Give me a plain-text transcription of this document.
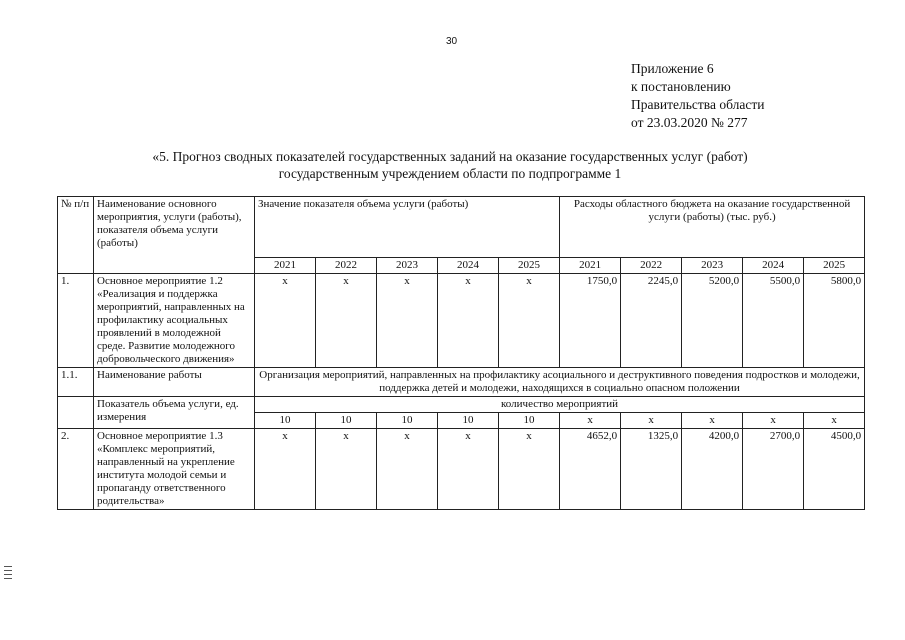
30
Приложение 6
к постановлению
Правительства области
от 23.03.2020 № 277
«5. Прогноз сводных показателей государственных заданий на оказание государственных услуг (работ)
государственным учреждением области по подпрограмме 1
№ п/п	Наименование основного мероприятия, услуги (работы), показателя объема услуги (работы)	Значение показателя объема услуги (работы)					Расходы областного бюджета на оказание государственной услуги (работы) (тыс. руб.)				
		2021	2022	2023	2024	2025	2021	2022	2023	2024	2025
1.	Основное мероприятие 1.2 «Реализация и поддержка мероприятий, направленных на профилактику асоциальных проявлений в молодежной среде. Развитие молодежного добровольческого движения»	х	х	х	х	х	1750,0	2245,0	5200,0	5500,0	5800,0
1.1.	Наименование работы	Организация мероприятий, направленных на профилактику асоциального и деструктивного поведения подростков и молодежи, поддержка детей и молодежи, находящихся в социально опасном положении									
	Показатель объема услуги, ед. измерения	количество мероприятий									
		10	10	10	10	10	х	х	х	х	х
2.	Основное мероприятие 1.3 «Комплекс мероприятий, направленный на укрепление института молодой семьи и пропаганду ответственного родительства»	х	х	х	х	х	4652,0	1325,0	4200,0	2700,0	4500,0
